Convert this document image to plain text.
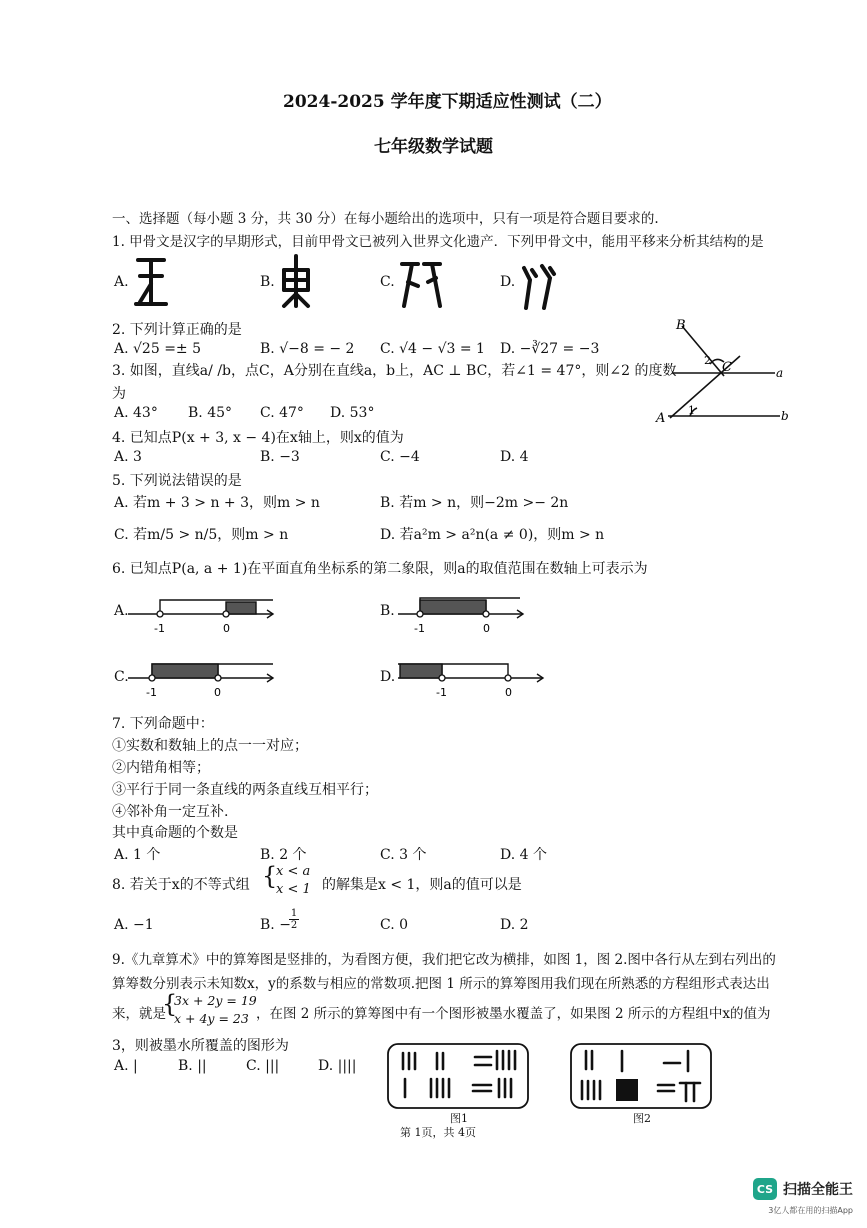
2024-2025 学年度下期适应性测试（二）
七年级数学试题
一、选择题（每小题 3 分，共 30 分）在每小题给出的选项中，只有一项是符合题目要求的.
1. 甲骨文是汉字的早期形式，目前甲骨文已被列入世界文化遗产．下列甲骨文中，能用平移来分析其结构的是
A.	B.	C.	D.
2. 下列计算正确的是
A. √25 =± 5	B. √−8 = − 2 C. √4 − √3 = 1 D. −∛27 = −3
3. 如图，直线a/ /b，点C，A分别在直线a，b上，AC ⊥ BC，若∠1 = 47°，则∠2 的度数
为
A. 43° B. 45° C. 47° D. 53°
B
C
A
a
b
1
2
4. 已知点P(x + 3, x − 4)在x轴上，则x的值为
A. 3	B. −3	C. −4	D. 4
5. 下列说法错误的是
A. 若m + 3 > n + 3，则m > n	B. 若m > n，则−2m >− 2n
C. 若m/5 > n/5，则m > n	D. 若a²m > a²n(a ≠ 0)，则m > n
6. 已知点P(a, a + 1)在平面直角坐标系的第二象限，则a的取值范围在数轴上可表示为
A.	B.
C.	D.
-1	0	-1	0
-1	0	-1	0
7. 下列命题中：
①实数和数轴上的点一一对应；
②内错角相等；
③平行于同一条直线的两条直线互相平行；
④邻补角一定互补.
其中真命题的个数是
A. 1 个	B. 2 个	C. 3 个	D. 4 个
8. 若关于x的不等式组 {
x < a
x < 1 的解集是x < 1，则a的值可以是
A. −1	B. −
$\frac{1}{2}$	C. 0	D. 2
9.《九章算术》中的算筹图是竖排的，为看图方便，我们把它改为横排，如图 1，图 2.图中各行从左到右列出的
算筹数分别表示未知数x，y的系数与相应的常数项.把图 1 所示的算筹图用我们现在所熟悉的方程组形式表达出
来，就是
{
3x + 2y = 19
x + 4y = 23 ，在图 2 所示的算筹图中有一个图形被墨水覆盖了，如果图 2 所示的方程组中x的值为
3，则被墨水所覆盖的图形为
A. |	B. ||	C. |||	D. ||||
图1	图2
第 1页，共 4页
CS 扫描全能王
3亿人都在用的扫描App
